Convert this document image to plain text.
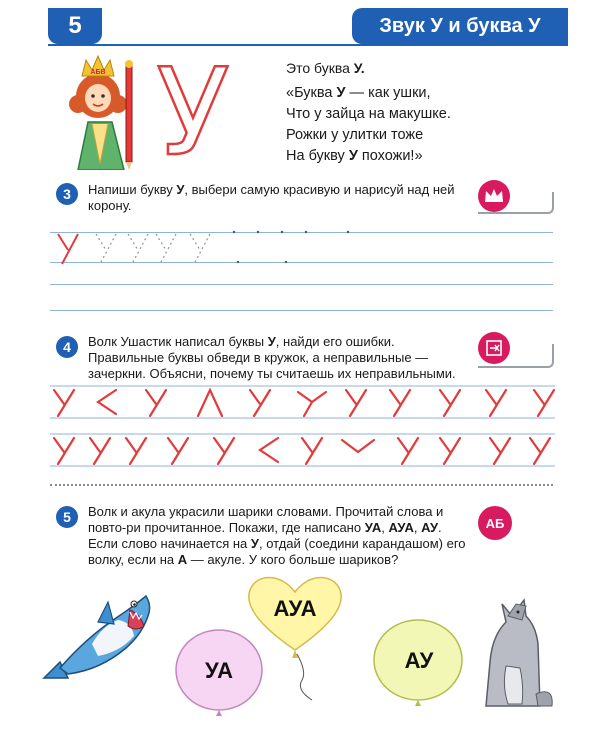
5	Звук У и буква У
АБВ У	Это буква У.
«Буква У — как ушки,
Что у зайца на макушке.
Рожки у улитки тоже
На букву У похожи!»
3	Напиши букву У, выбери самую красивую и нарисуй над ней корону.
4	Волк Ушастик написал буквы У, найди его ошибки. Правильные буквы обведи в кружок, а неправильные — зачеркни. Объясни, почему ты считаешь их неправильными.
5	Волк и акула украсили шарики словами. Прочитай слова и повто-ри прочитанное. Покажи, где написано УА, АУА, АУ. Если слово начинается на У, отдай (соедини карандашом) его волку, если на А — акуле. У кого больше шариков?
АБ
АУА
УА	АУ
